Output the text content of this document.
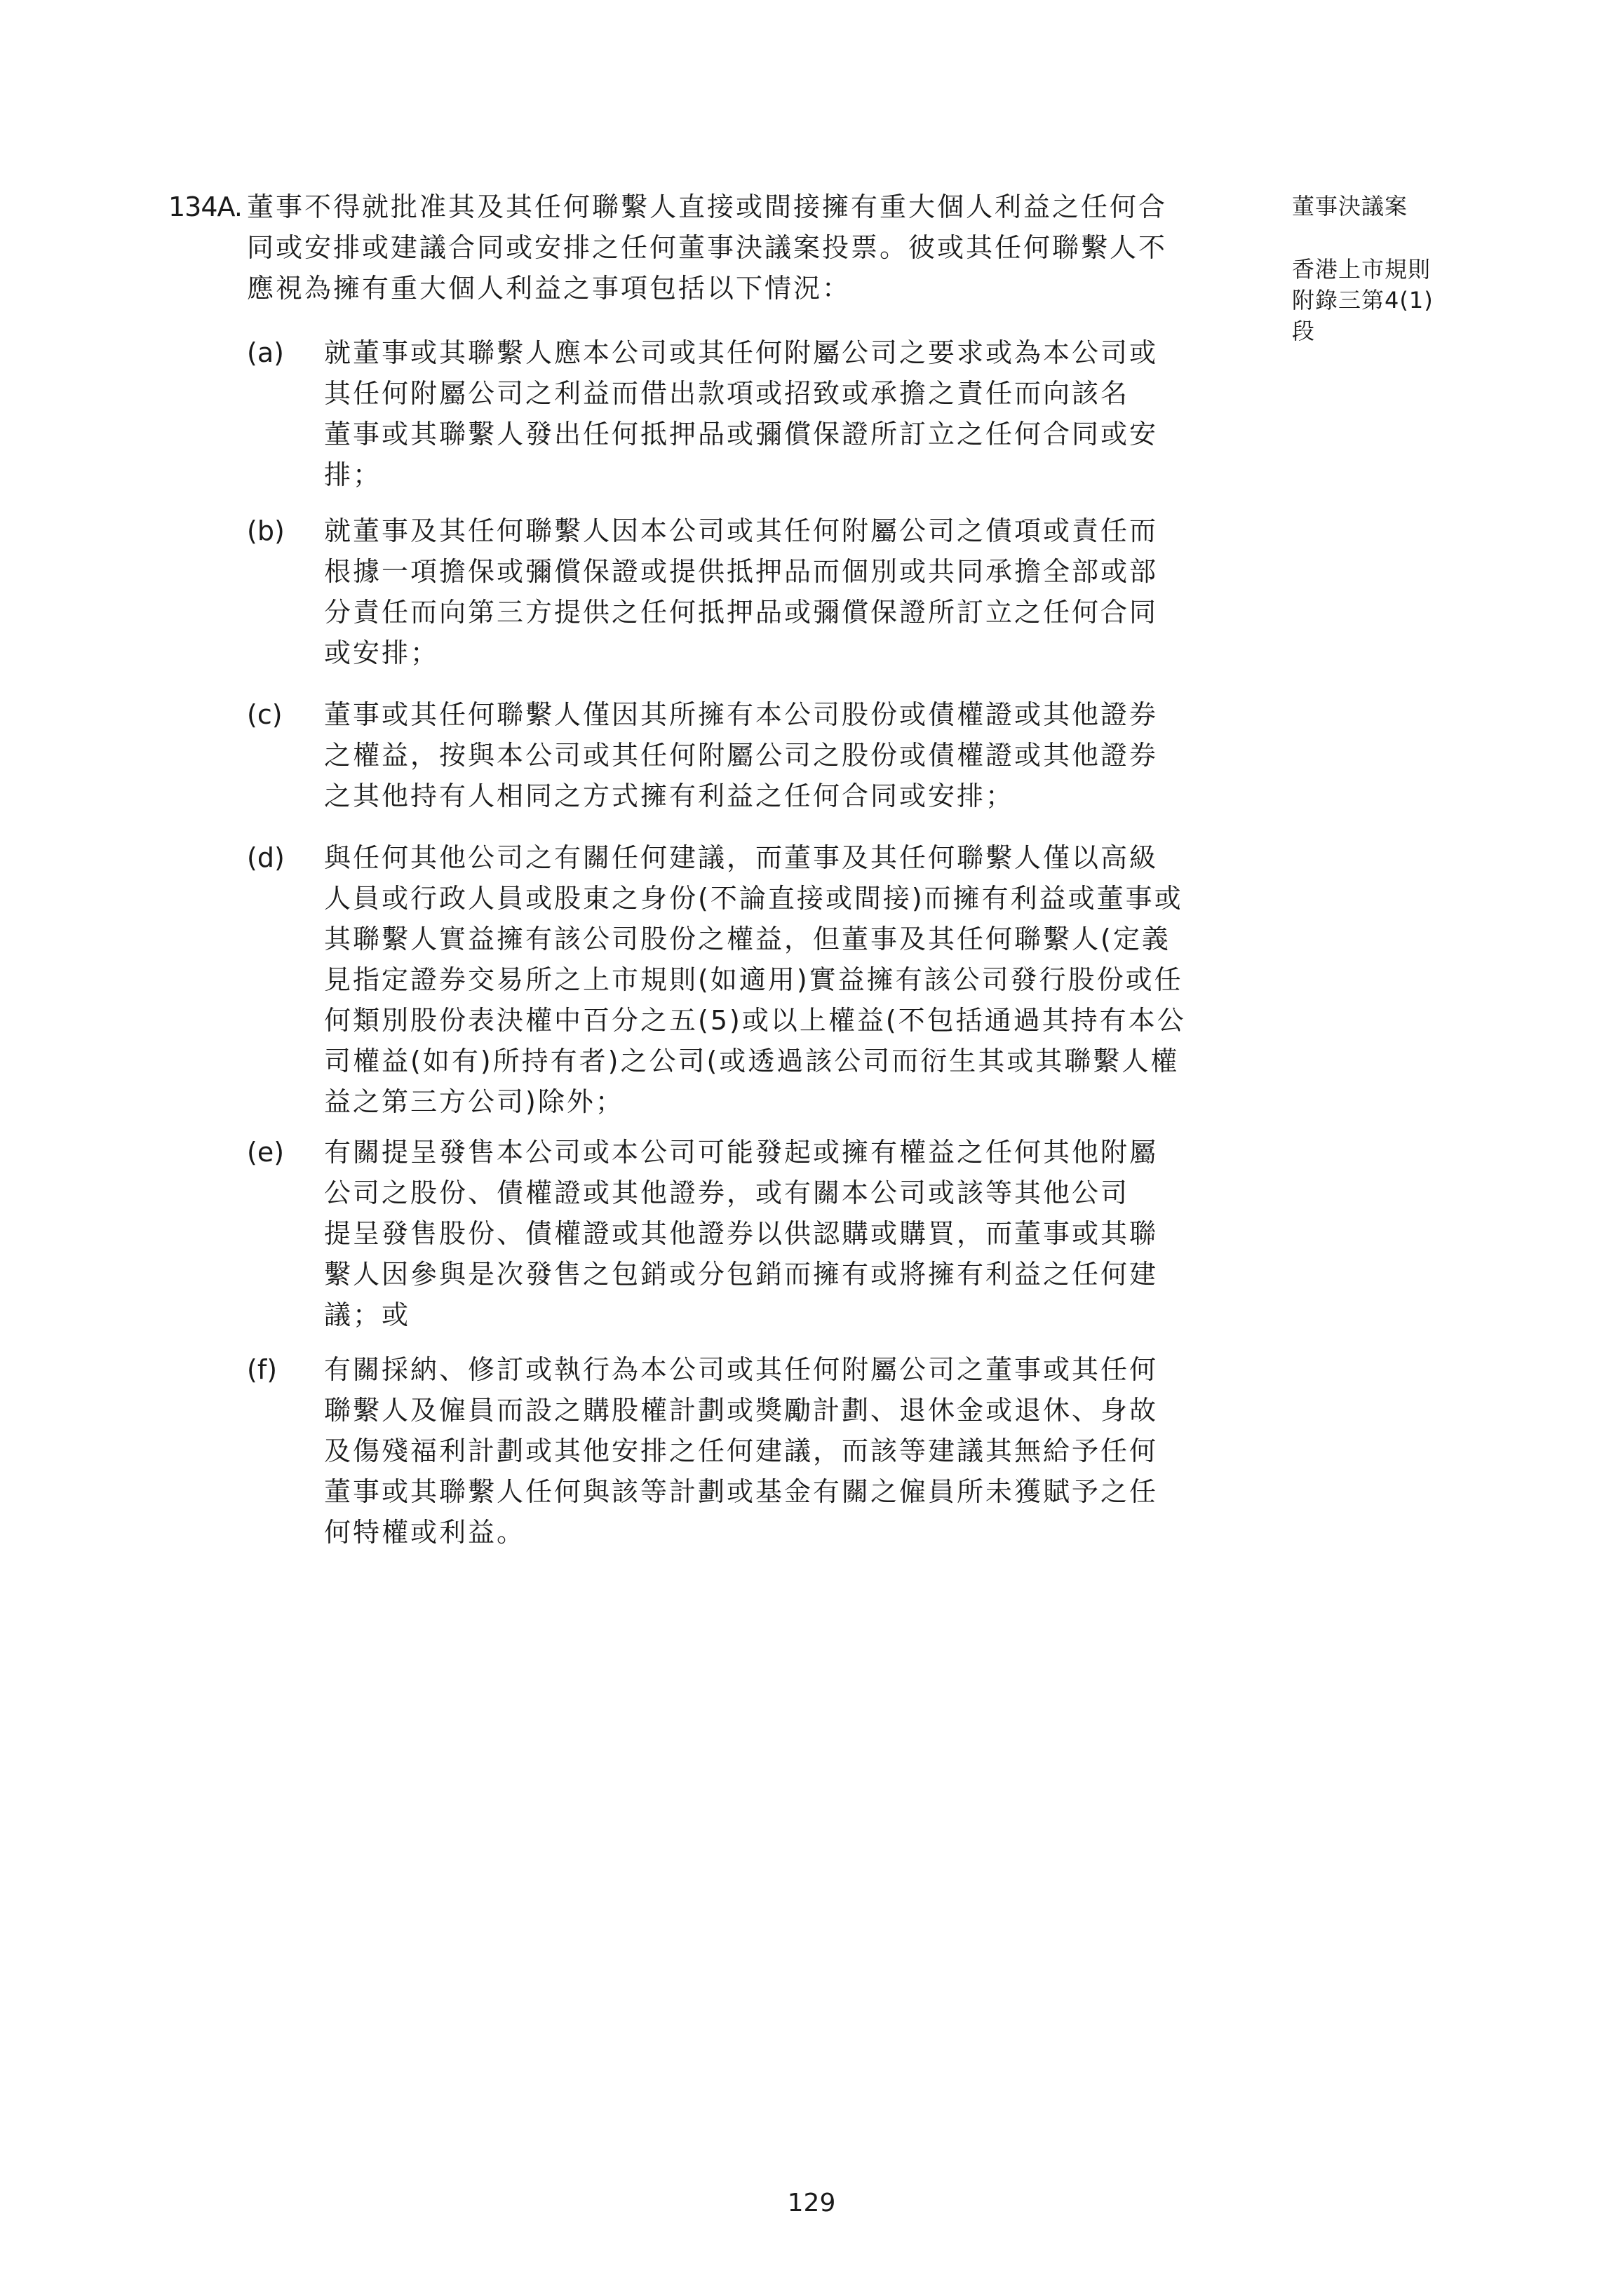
134A. 董事不得就批准其及其任何聯繫人直接或間接擁有重大個人利益之任何合
同或安排或建議合同或安排之任何董事決議案投票。彼或其任何聯繫人不
應視為擁有重大個人利益之事項包括以下情況：
(a) 就董事或其聯繫人應本公司或其任何附屬公司之要求或為本公司或
其任何附屬公司之利益而借出款項或招致或承擔之責任而向該名
董事或其聯繫人發出任何抵押品或彌償保證所訂立之任何合同或安
排；
(b) 就董事及其任何聯繫人因本公司或其任何附屬公司之債項或責任而
根據一項擔保或彌償保證或提供抵押品而個別或共同承擔全部或部
分責任而向第三方提供之任何抵押品或彌償保證所訂立之任何合同
或安排；
(c) 董事或其任何聯繫人僅因其所擁有本公司股份或債權證或其他證券
之權益，按與本公司或其任何附屬公司之股份或債權證或其他證券
之其他持有人相同之方式擁有利益之任何合同或安排；
(d) 與任何其他公司之有關任何建議，而董事及其任何聯繫人僅以高級
人員或行政人員或股東之身份(不論直接或間接)而擁有利益或董事或
其聯繫人實益擁有該公司股份之權益，但董事及其任何聯繫人(定義
見指定證券交易所之上市規則(如適用)實益擁有該公司發行股份或任
何類別股份表決權中百分之五(5)或以上權益(不包括通過其持有本公
司權益(如有)所持有者)之公司(或透過該公司而衍生其或其聯繫人權
益之第三方公司)除外；
(e) 有關提呈發售本公司或本公司可能發起或擁有權益之任何其他附屬
公司之股份、債權證或其他證券，或有關本公司或該等其他公司
提呈發售股份、債權證或其他證券以供認購或購買，而董事或其聯
繫人因參與是次發售之包銷或分包銷而擁有或將擁有利益之任何建
議；或
(f) 有關採納、修訂或執行為本公司或其任何附屬公司之董事或其任何
聯繫人及僱員而設之購股權計劃或獎勵計劃、退休金或退休、身故
及傷殘福利計劃或其他安排之任何建議，而該等建議其無給予任何
董事或其聯繫人任何與該等計劃或基金有關之僱員所未獲賦予之任
何特權或利益。
董事決議案
香港上市規則
附錄三第4(1)
段
129
